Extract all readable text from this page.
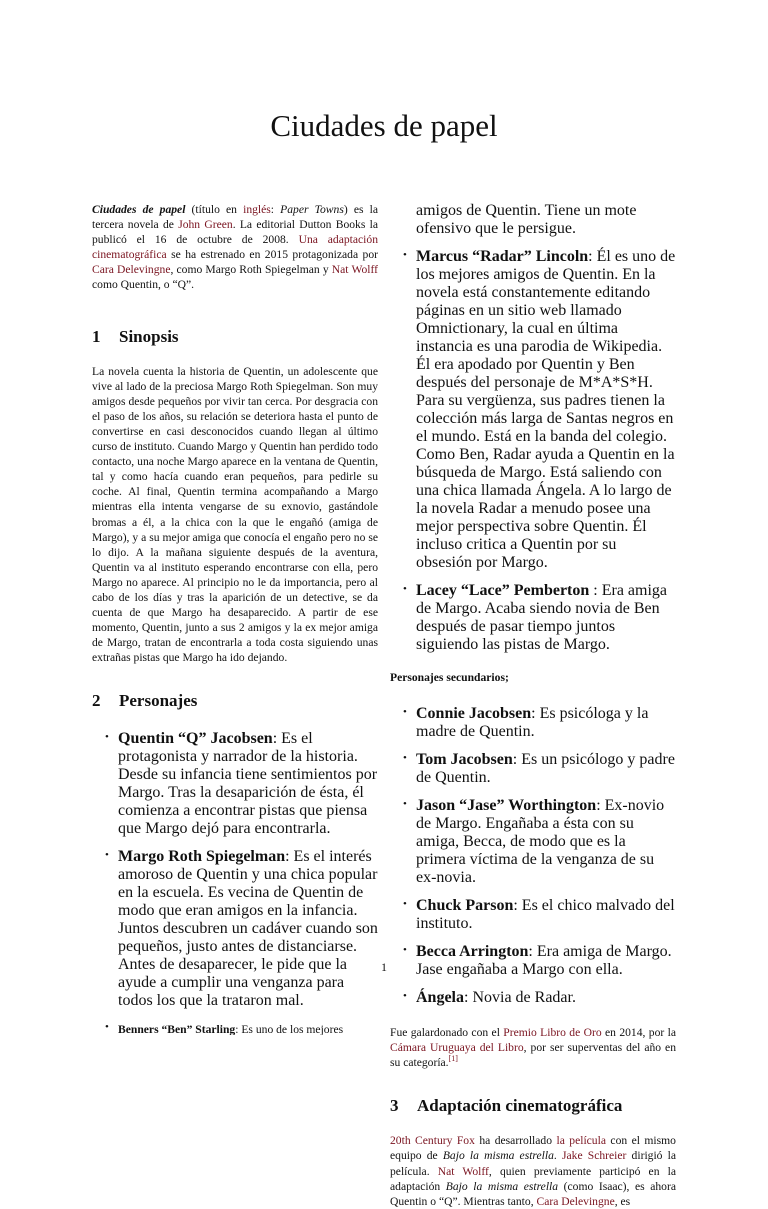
Ciudades de papel

Ciudades de papel (título en inglés: Paper Towns) es la tercera novela de John Green. La editorial Dutton Books la publicó el 16 de octubre de 2008. Una adaptación cinematográfica se ha estrenado en 2015 protagonizada por Cara Delevingne, como Margo Roth Spiegelman y Nat Wolff como Quentin, o “Q”.

1 Sinopsis

La novela cuenta la historia de Quentin, un adolescente que vive al lado de la preciosa Margo Roth Spiegelman. Son muy amigos desde pequeños por vivir tan cerca. Por desgracia con el paso de los años, su relación se deteriora hasta el punto de convertirse en casi desconocidos cuando llegan al último curso de instituto. Cuando Margo y Quentin han perdido todo contacto, una noche Margo aparece en la ventana de Quentin, tal y como hacía cuando eran pequeños, para pedirle su coche. Al final, Quentin termina acompañando a Margo mientras ella intenta vengarse de su exnovio, gastándole bromas a él, a la chica con la que le engañó (amiga de Margo), y a su mejor amiga que conocía el engaño pero no se lo dijo. A la mañana siguiente después de la aventura, Quentin va al instituto esperando encontrarse con ella, pero Margo no aparece. Al principio no le da importancia, pero al cabo de los días y tras la aparición de un detective, se da cuenta de que Margo ha desaparecido. A partir de ese momento, Quentin, junto a sus 2 amigos y la ex mejor amiga de Margo, tratan de encontrarla a toda costa siguiendo unas extrañas pistas que Margo ha ido dejando.

2 Personajes
• Quentin “Q” Jacobsen: Es el protagonista y narrador de la historia. Desde su infancia tiene sentimientos por Margo. Tras la desaparición de ésta, él comienza a encontrar pistas que piensa que Margo dejó para encontrarla.
• Margo Roth Spiegelman: Es el interés amoroso de Quentin y una chica popular en la escuela. Es vecina de Quentin de modo que eran amigos en la infancia. Juntos descubren un cadáver cuando son pequeños, justo antes de distanciarse. Antes de desaparecer, le pide que la ayude a cumplir una venganza para todos los que la trataron mal.
• Benners “Ben” Starling: Es uno de los mejores

amigos de Quentin. Tiene un mote ofensivo que le persigue.
• Marcus “Radar” Lincoln: Él es uno de los mejores amigos de Quentin. En la novela está constantemente editando páginas en un sitio web llamado Omnictionary, la cual en última instancia es una parodia de Wikipedia. Él era apodado por Quentin y Ben después del personaje de M*A*S*H. Para su vergüenza, sus padres tienen la colección más larga de Santas negros en el mundo. Está en la banda del colegio. Como Ben, Radar ayuda a Quentin en la búsqueda de Margo. Está saliendo con una chica llamada Ángela. A lo largo de la novela Radar a menudo posee una mejor perspectiva sobre Quentin. Él incluso critica a Quentin por su obsesión por Margo.
• Lacey “Lace” Pemberton : Era amiga de Margo. Acaba siendo novia de Ben después de pasar tiempo juntos siguiendo las pistas de Margo.

Personajes secundarios;

• Connie Jacobsen: Es psicóloga y la madre de Quentin.
• Tom Jacobsen: Es un psicólogo y padre de Quentin.
• Jason “Jase” Worthington: Ex-novio de Margo. Engañaba a ésta con su amiga, Becca, de modo que es la primera víctima de la venganza de su ex-novia.
• Chuck Parson: Es el chico malvado del instituto.
• Becca Arrington: Era amiga de Margo. Jase engañaba a Margo con ella.
• Ángela: Novia de Radar.

Fue galardonado con el Premio Libro de Oro en 2014, por la Cámara Uruguaya del Libro, por ser superventas del año en su categoría.[1]

3 Adaptación cinematográfica

20th Century Fox ha desarrollado la película con el mismo equipo de Bajo la misma estrella. Jake Schreier dirigió la película. Nat Wolff, quien previamente participó en la adaptación Bajo la misma estrella (como Isaac), es ahora Quentin o “Q”. Mientras tanto, Cara Delevingne, es

1
